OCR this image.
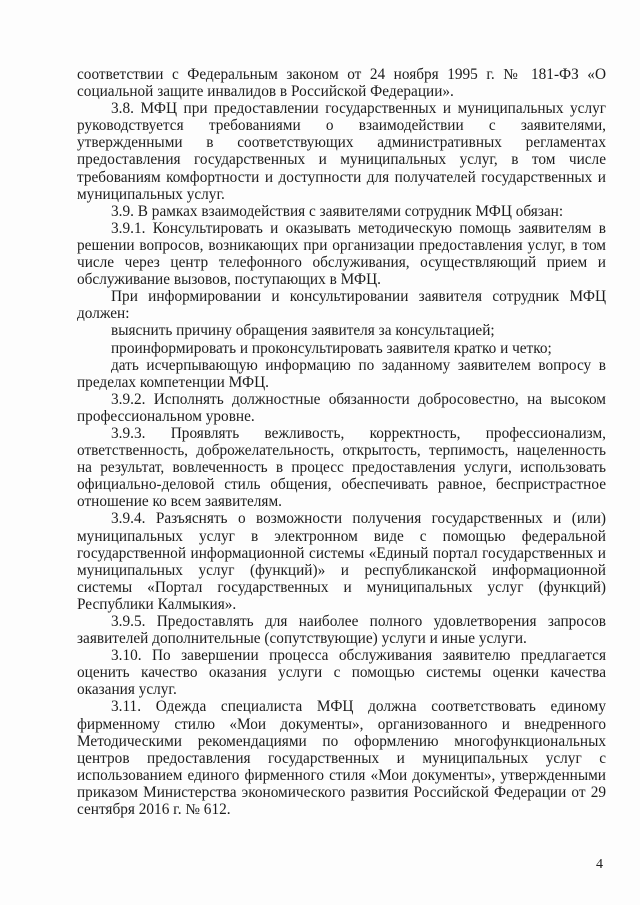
соответствии с Федеральным законом от 24 ноября 1995 г. № 181-ФЗ «О социальной защите инвалидов в Российской Федерации».

3.8. МФЦ при предоставлении государственных и муниципальных услуг руководствуется требованиями о взаимодействии с заявителями, утвержденными в соответствующих административных регламентах предоставления государственных и муниципальных услуг, в том числе требованиям комфортности и доступности для получателей государственных и муниципальных услуг.

3.9. В рамках взаимодействия с заявителями сотрудник МФЦ обязан:

3.9.1. Консультировать и оказывать методическую помощь заявителям в решении вопросов, возникающих при организации предоставления услуг, в том числе через центр телефонного обслуживания, осуществляющий прием и обслуживание вызовов, поступающих в МФЦ.

При информировании и консультировании заявителя сотрудник МФЦ должен:

выяснить причину обращения заявителя за консультацией;

проинформировать и проконсультировать заявителя кратко и четко;

дать исчерпывающую информацию по заданному заявителем вопросу в пределах компетенции МФЦ.

3.9.2. Исполнять должностные обязанности добросовестно, на высоком профессиональном уровне.

3.9.3. Проявлять вежливость, корректность, профессионализм, ответственность, доброжелательность, открытость, терпимость, нацеленность на результат, вовлеченность в процесс предоставления услуги, использовать официально-деловой стиль общения, обеспечивать равное, беспристрастное отношение ко всем заявителям.

3.9.4. Разъяснять о возможности получения государственных и (или) муниципальных услуг в электронном виде с помощью федеральной государственной информационной системы «Единый портал государственных и муниципальных услуг (функций)» и республиканской информационной системы «Портал государственных и муниципальных услуг (функций) Республики Калмыкия».

3.9.5. Предоставлять для наиболее полного удовлетворения запросов заявителей дополнительные (сопутствующие) услуги и иные услуги.

3.10. По завершении процесса обслуживания заявителю предлагается оценить качество оказания услуги с помощью системы оценки качества оказания услуг.

3.11. Одежда специалиста МФЦ должна соответствовать единому фирменному стилю «Мои документы», организованного и внедренного Методическими рекомендациями по оформлению многофункциональных центров предоставления государственных и муниципальных услуг с использованием единого фирменного стиля «Мои документы», утвержденными приказом Министерства экономического развития Российской Федерации от 29 сентября 2016 г. № 612.

4
